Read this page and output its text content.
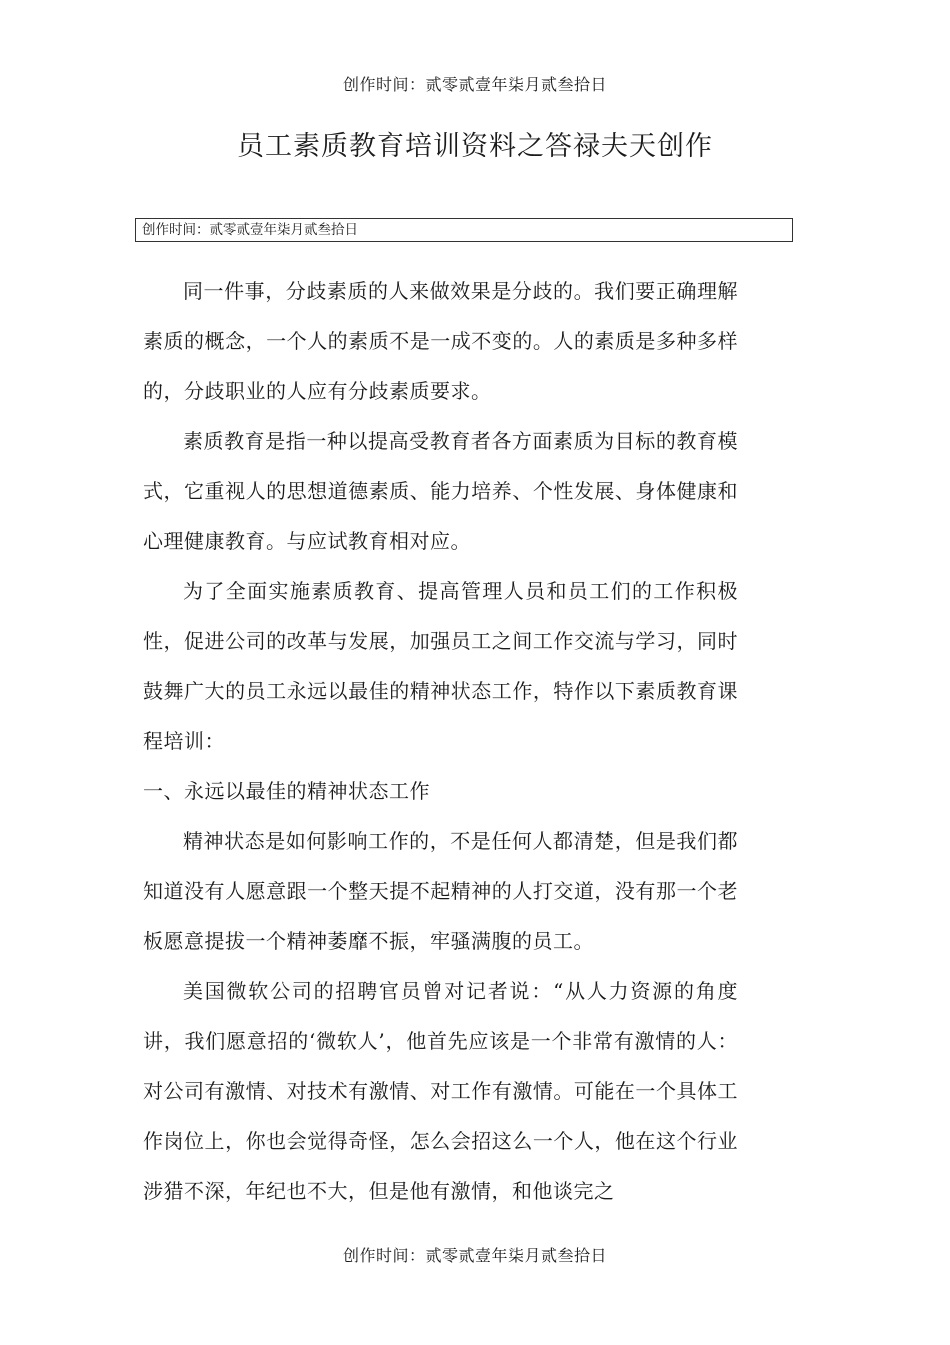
创作时间：贰零贰壹年柒月贰叁拾日
员工素质教育培训资料之答禄夫天创作
创作时间：贰零贰壹年柒月贰叁拾日

同一件事，分歧素质的人来做效果是分歧的。我们要正确理解素质的概念，一个人的素质不是一成不变的。人的素质是多种多样的，分歧职业的人应有分歧素质要求。

素质教育是指一种以提高受教育者各方面素质为目标的教育模式，它重视人的思想道德素质、能力培养、个性发展、身体健康和心理健康教育。与应试教育相对应。

为了全面实施素质教育、提高管理人员和员工们的工作积极性，促进公司的改革与发展，加强员工之间工作交流与学习，同时鼓舞广大的员工永远以最佳的精神状态工作，特作以下素质教育课程培训：

一、永远以最佳的精神状态工作

精神状态是如何影响工作的，不是任何人都清楚，但是我们都知道没有人愿意跟一个整天提不起精神的人打交道，没有那一个老板愿意提拔一个精神萎靡不振，牢骚满腹的员工。

美国微软公司的招聘官员曾对记者说：“从人力资源的角度讲，我们愿意招的‘微软人’，他首先应该是一个非常有激情的人：对公司有激情、对技术有激情、对工作有激情。可能在一个具体工作岗位上，你也会觉得奇怪，怎么会招这么一个人，他在这个行业涉猎不深，年纪也不大，但是他有激情，和他谈完之

创作时间：贰零贰壹年柒月贰叁拾日
